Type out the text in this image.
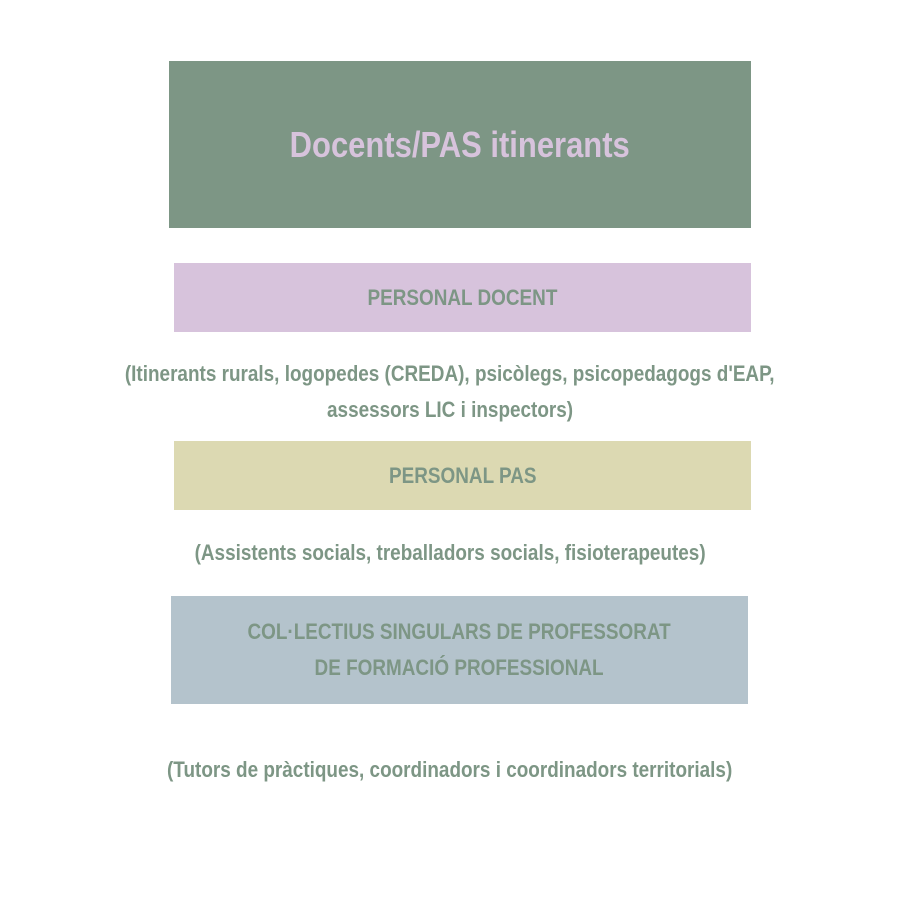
Docents/PAS itinerants
PERSONAL DOCENT
(Itinerants rurals, logopedes (CREDA), psicòlegs, psicopedagogs d'EAP,
assessors LIC i inspectors)
PERSONAL PAS
(Assistents socials, treballadors socials, fisioterapeutes)
COL·LECTIUS SINGULARS DE PROFESSORAT
DE FORMACIÓ PROFESSIONAL
(Tutors de pràctiques, coordinadors i coordinadors territorials)
